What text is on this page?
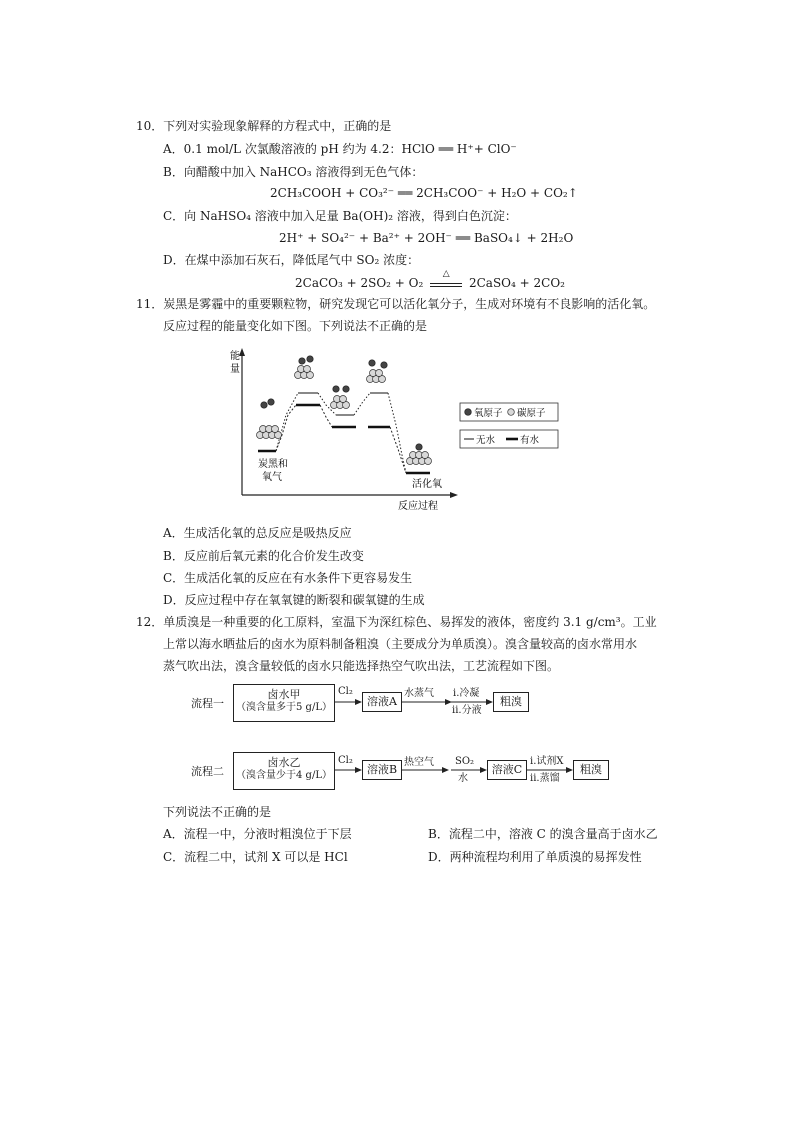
10．下列对实验现象解释的方程式中，正确的是
A．0.1 mol/L 次氯酸溶液的 pH 约为 4.2：HClO ══ H⁺+ ClO⁻
B．向醋酸中加入 NaHCO₃ 溶液得到无色气体：
2CH₃COOH + CO₃²⁻ ══ 2CH₃COO⁻ + H₂O + CO₂↑
C．向 NaHSO₄ 溶液中加入足量 Ba(OH)₂ 溶液，得到白色沉淀：
2H⁺ + SO₄²⁻ + Ba²⁺ + 2OH⁻ ══ BaSO₄↓ + 2H₂O
D．在煤中添加石灰石，降低尾气中 SO₂ 浓度：
2CaCO₃ + 2SO₂ + O₂
△
2CaSO₄ + 2CO₂
11．炭黑是雾霾中的重要颗粒物，研究发现它可以活化氧分子，生成对环境有不良影响的活化氧。
反应过程的能量变化如下图。下列说法不正确的是
能
量
炭黑和
氧气
活化氧
反应过程
氧原子 碳原子
无水	有水
A．生成活化氧的总反应是吸热反应
B．反应前后氧元素的化合价发生改变
C．生成活化氧的反应在有水条件下更容易发生
D．反应过程中存在氧氧键的断裂和碳氧键的生成
12．单质溴是一种重要的化工原料，室温下为深红棕色、易挥发的液体，密度约 3.1 g/cm³。工业
上常以海水晒盐后的卤水为原料制备粗溴（主要成分为单质溴）。溴含量较高的卤水常用水
蒸气吹出法，溴含量较低的卤水只能选择热空气吹出法，工艺流程如下图。
流程一
卤水甲
（溴含量多于5 g/L）	溶液A	粗溴
Cl₂	水蒸气 i.冷凝
ii.分液
流程二
卤水乙
（溴含量少于4 g/L）	溶液B	溶液C	粗溴
Cl₂	热空气 SO₂
水
i.试剂X
ii.蒸馏
下列说法不正确的是
A．流程一中，分液时粗溴位于下层	B．流程二中，溶液 C 的溴含量高于卤水乙
C．流程二中，试剂 X 可以是 HCl	D．两种流程均利用了单质溴的易挥发性
